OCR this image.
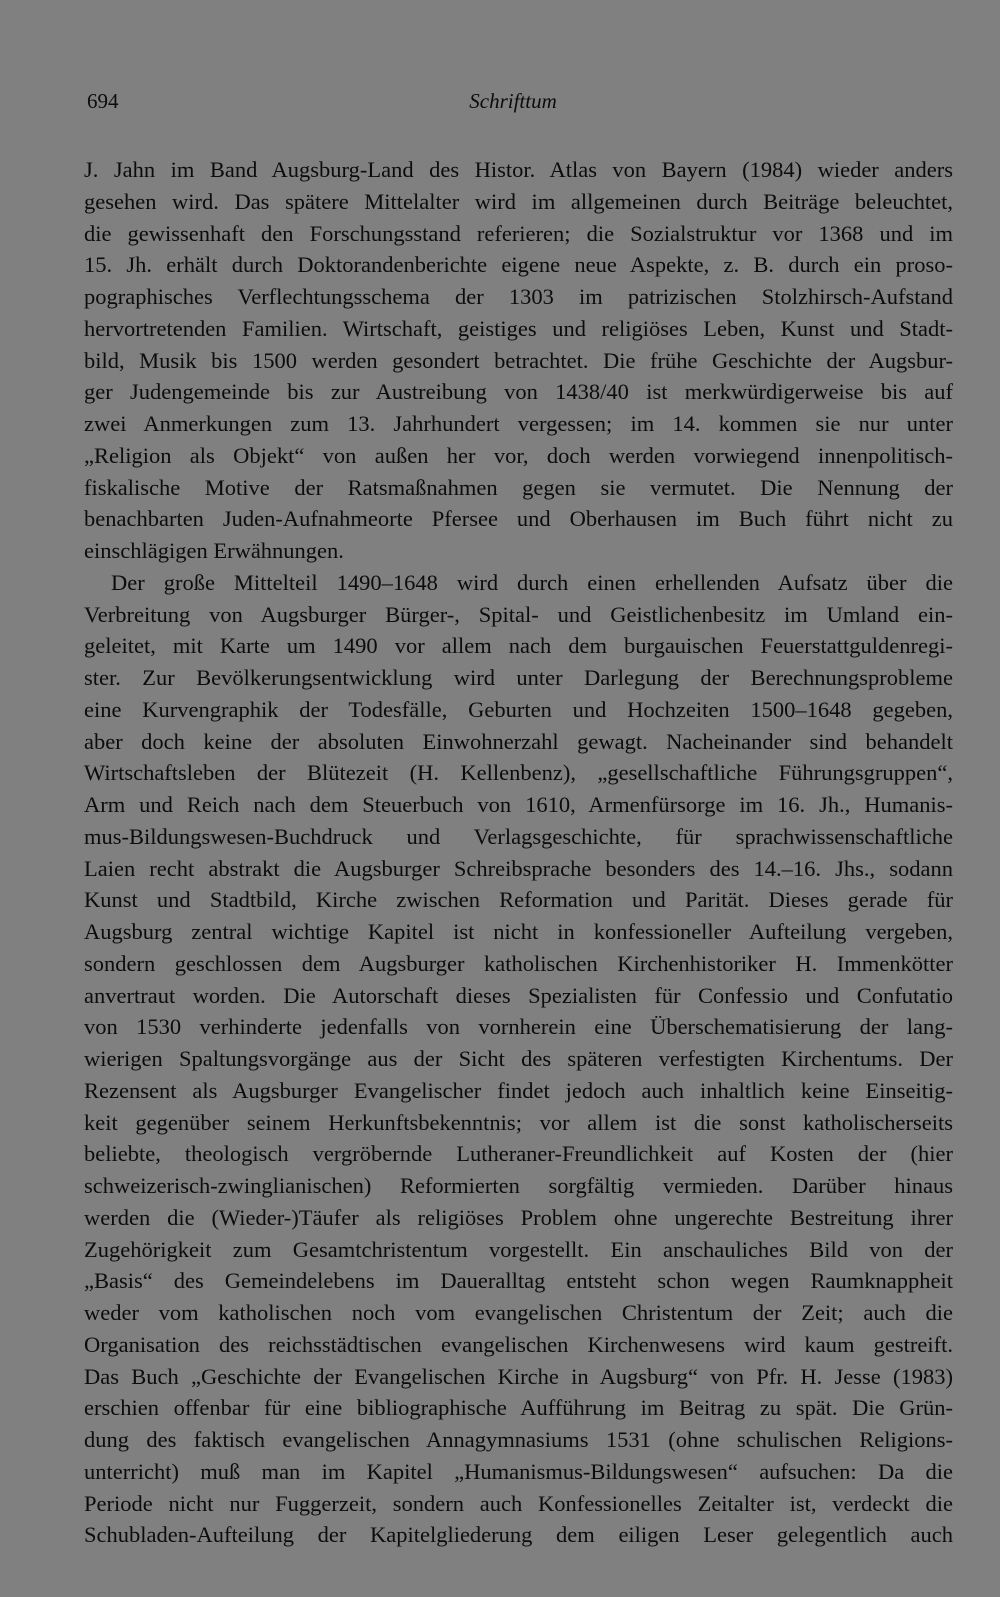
694	Schrifttum
J. Jahn im Band Augsburg-Land des Histor. Atlas von Bayern (1984) wieder anders
gesehen wird. Das spätere Mittelalter wird im allgemeinen durch Beiträge beleuchtet,
die gewissenhaft den Forschungsstand referieren; die Sozialstruktur vor 1368 und im
15. Jh. erhält durch Doktorandenberichte eigene neue Aspekte, z. B. durch ein proso-
pographisches Verflechtungsschema der 1303 im patrizischen Stolzhirsch-Aufstand
hervortretenden Familien. Wirtschaft, geistiges und religiöses Leben, Kunst und Stadt-
bild, Musik bis 1500 werden gesondert betrachtet. Die frühe Geschichte der Augsbur-
ger Judengemeinde bis zur Austreibung von 1438/40 ist merkwürdigerweise bis auf
zwei Anmerkungen zum 13. Jahrhundert vergessen; im 14. kommen sie nur unter
„Religion als Objekt“ von außen her vor, doch werden vorwiegend innenpolitisch-
fiskalische Motive der Ratsmaßnahmen gegen sie vermutet. Die Nennung der
benachbarten Juden-Aufnahmeorte Pfersee und Oberhausen im Buch führt nicht zu
einschlägigen Erwähnungen.
Der große Mittelteil 1490–1648 wird durch einen erhellenden Aufsatz über die
Verbreitung von Augsburger Bürger-, Spital- und Geistlichenbesitz im Umland ein-
geleitet, mit Karte um 1490 vor allem nach dem burgauischen Feuerstattguldenregi-
ster. Zur Bevölkerungsentwicklung wird unter Darlegung der Berechnungsprobleme
eine Kurvengraphik der Todesfälle, Geburten und Hochzeiten 1500–1648 gegeben,
aber doch keine der absoluten Einwohnerzahl gewagt. Nacheinander sind behandelt
Wirtschaftsleben der Blütezeit (H. Kellenbenz), „gesellschaftliche Führungsgruppen“,
Arm und Reich nach dem Steuerbuch von 1610, Armenfürsorge im 16. Jh., Humanis-
mus-Bildungswesen-Buchdruck und Verlagsgeschichte, für sprachwissenschaftliche
Laien recht abstrakt die Augsburger Schreibsprache besonders des 14.–16. Jhs., sodann
Kunst und Stadtbild, Kirche zwischen Reformation und Parität. Dieses gerade für
Augsburg zentral wichtige Kapitel ist nicht in konfessioneller Aufteilung vergeben,
sondern geschlossen dem Augsburger katholischen Kirchenhistoriker H. Immenkötter
anvertraut worden. Die Autorschaft dieses Spezialisten für Confessio und Confutatio
von 1530 verhinderte jedenfalls von vornherein eine Überschematisierung der lang-
wierigen Spaltungsvorgänge aus der Sicht des späteren verfestigten Kirchentums. Der
Rezensent als Augsburger Evangelischer findet jedoch auch inhaltlich keine Einseitig-
keit gegenüber seinem Herkunftsbekenntnis; vor allem ist die sonst katholischerseits
beliebte, theologisch vergröbernde Lutheraner-Freundlichkeit auf Kosten der (hier
schweizerisch-zwinglianischen) Reformierten sorgfältig vermieden. Darüber hinaus
werden die (Wieder-)Täufer als religiöses Problem ohne ungerechte Bestreitung ihrer
Zugehörigkeit zum Gesamtchristentum vorgestellt. Ein anschauliches Bild von der
„Basis“ des Gemeindelebens im Daueralltag entsteht schon wegen Raumknappheit
weder vom katholischen noch vom evangelischen Christentum der Zeit; auch die
Organisation des reichsstädtischen evangelischen Kirchenwesens wird kaum gestreift.
Das Buch „Geschichte der Evangelischen Kirche in Augsburg“ von Pfr. H. Jesse (1983)
erschien offenbar für eine bibliographische Aufführung im Beitrag zu spät. Die Grün-
dung des faktisch evangelischen Annagymnasiums 1531 (ohne schulischen Religions-
unterricht) muß man im Kapitel „Humanismus-Bildungswesen“ aufsuchen: Da die
Periode nicht nur Fuggerzeit, sondern auch Konfessionelles Zeitalter ist, verdeckt die
Schubladen-Aufteilung der Kapitelgliederung dem eiligen Leser gelegentlich auch
